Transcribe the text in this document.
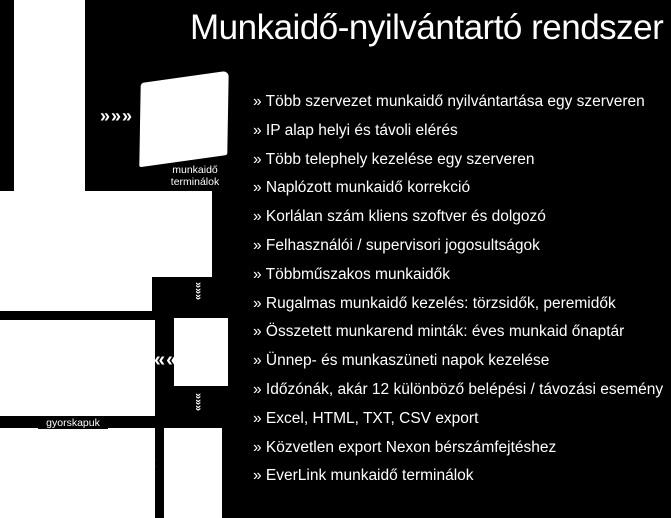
Munkaidő-nyilvántartó rendszer
munkaidő
terminálok
gyorskapuk
»»»
««
«««
»
»
»
»
»
»
» Több szervezet munkaidő nyilvántartása egy szerveren
» IP alap helyi és távoli elérés
» Több telephely kezelése egy szerveren
» Naplózott munkaidő korrekció
» Korlálan szám kliens szoftver és dolgozó
» Felhasználói / supervisori jogosultságok
» Többműszakos munkaidők
» Rugalmas munkaidő kezelés: törzsidők, peremidők
» Összetett munkarend minták: éves munkaid őnaptár
» Ünnep- és munkaszüneti napok kezelése
» Időzónák, akár 12 különböző belépési / távozási esemény
» Excel, HTML, TXT, CSV export
» Közvetlen export Nexon bérszámfejtéshez
» EverLink munkaidő terminálok
